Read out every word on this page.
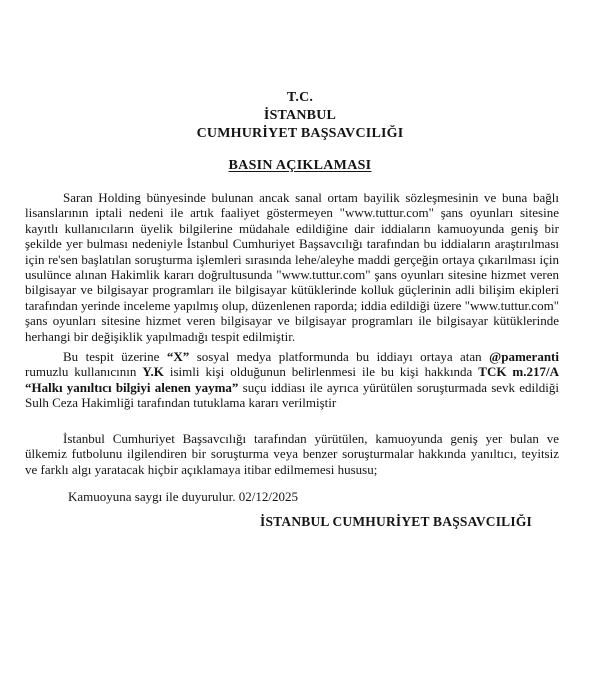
T.C.
İSTANBUL
CUMHURİYET BAŞSAVCILIĞI
BASIN AÇIKLAMASI

Saran Holding bünyesinde bulunan ancak sanal ortam bayilik sözleşmesinin ve buna bağlı lisanslarının iptali nedeni ile artık faaliyet göstermeyen "www.tuttur.com" şans oyunları sitesine kayıtlı kullanıcıların üyelik bilgilerine müdahale edildiğine dair iddiaların kamuoyunda geniş bir şekilde yer bulması nedeniyle İstanbul Cumhuriyet Başsavcılığı tarafından bu iddiaların araştırılması için re'sen başlatılan soruşturma işlemleri sırasında lehe/aleyhe maddi gerçeğin ortaya çıkarılması için usulünce alınan Hakimlik kararı doğrultusunda "www.tuttur.com" şans oyunları sitesine hizmet veren bilgisayar ve bilgisayar programları ile bilgisayar kütüklerinde kolluk güçlerinin adli bilişim ekipleri tarafından yerinde inceleme yapılmış olup, düzenlenen raporda; iddia edildiği üzere "www.tuttur.com" şans oyunları sitesine hizmet veren bilgisayar ve bilgisayar programları ile bilgisayar kütüklerinde herhangi bir değişiklik yapılmadığı tespit edilmiştir.

Bu tespit üzerine “X” sosyal medya platformunda bu iddiayı ortaya atan @pameranti rumuzlu kullanıcının Y.K isimli kişi olduğunun belirlenmesi ile bu kişi hakkında TCK m.217/A “Halkı yanıltıcı bilgiyi alenen yayma” suçu iddiası ile ayrıca yürütülen soruşturmada sevk edildiği Sulh Ceza Hakimliği tarafından tutuklama kararı verilmiştir

İstanbul Cumhuriyet Başsavcılığı tarafından yürütülen, kamuoyunda geniş yer bulan ve ülkemiz futbolunu ilgilendiren bir soruşturma veya benzer soruşturmalar hakkında yanıltıcı, teyitsiz ve farklı algı yaratacak hiçbir açıklamaya itibar edilmemesi hususu;

Kamuoyuna saygı ile duyurulur. 02/12/2025

İSTANBUL CUMHURİYET BAŞSAVCILIĞI
